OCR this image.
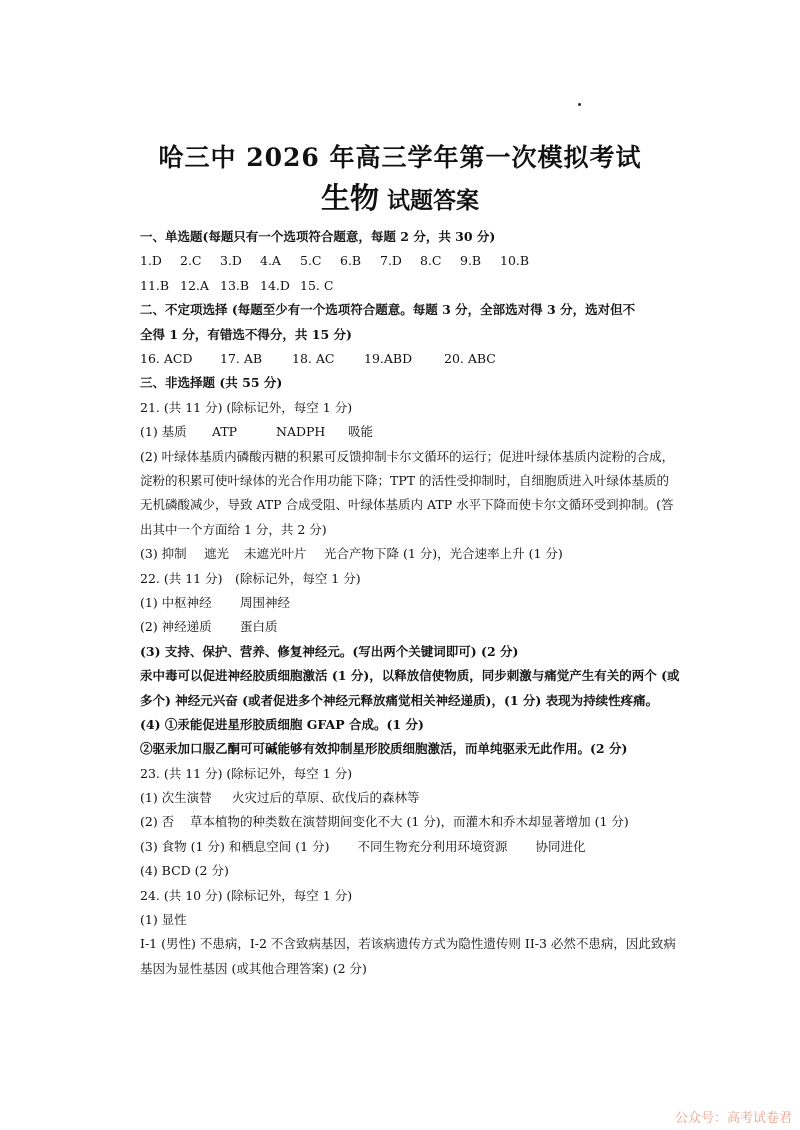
哈三中 2026 年高三学年第一次模拟考试
生物 试题答案
一、单选题(每题只有一个选项符合题意，每题 2 分，共 30 分)
1.D 2.C 3.D 4.A 5.C 6.B 7.D 8.C 9.B 10.B
11.B 12.A 13.B 14.D 15. C
二、不定项选择 (每题至少有一个选项符合题意。每题 3 分，全部选对得 3 分，选对但不
全得 1 分，有错选不得分，共 15 分)
16. ACD 17. AB 18. AC 19.ABD	20. ABC
三、非选择题 (共 55 分)
21. (共 11 分) (除标记外，每空 1 分)
(1) 基质 ATP	NADPH 吸能
(2) 叶绿体基质内磷酸丙糖的积累可反馈抑制卡尔文循环的运行；促进叶绿体基质内淀粉的合成，淀粉的积累可使叶绿体的光合作用功能下降；TPT 的活性受抑制时，自细胞质进入叶绿体基质的无机磷酸减少，导致 ATP 合成受阻、叶绿体基质内 ATP 水平下降而使卡尔文循环受到抑制。(答出其中一个方面给 1 分，共 2 分)
(3) 抑制 遮光 未遮光叶片 光合产物下降 (1 分)，光合速率上升 (1 分)
22. (共 11 分)　(除标记外，每空 1 分)
(1) 中枢神经 周围神经
(2) 神经递质 蛋白质
(3) 支持、保护、营养、修复神经元。(写出两个关键词即可) (2 分)
汞中毒可以促进神经胶质细胞激活 (1 分)，以释放信使物质，同步刺激与痛觉产生有关的两个 (或多个) 神经元兴奋 (或者促进多个神经元释放痛觉相关神经递质)，(1 分) 表现为持续性疼痛。
(4) ①汞能促进星形胶质细胞 GFAP 合成。(1 分)
②驱汞加口服乙酮可可碱能够有效抑制星形胶质细胞激活，而单纯驱汞无此作用。(2 分)
23. (共 11 分) (除标记外，每空 1 分)
(1) 次生演替 火灾过后的草原、砍伐后的森林等
(2) 否 草本植物的种类数在演替期间变化不大 (1 分)，而灌木和乔木却显著增加 (1 分)
(3) 食物 (1 分) 和栖息空间 (1 分) 不同生物充分利用环境资源 协同进化
(4) BCD (2 分)
24. (共 10 分) (除标记外，每空 1 分)
(1) 显性
I-1 (男性) 不患病，I-2 不含致病基因，若该病遗传方式为隐性遗传则 II-3 必然不患病，因此致病基因为显性基因 (或其他合理答案) (2 分)
公众号：高考试卷君
